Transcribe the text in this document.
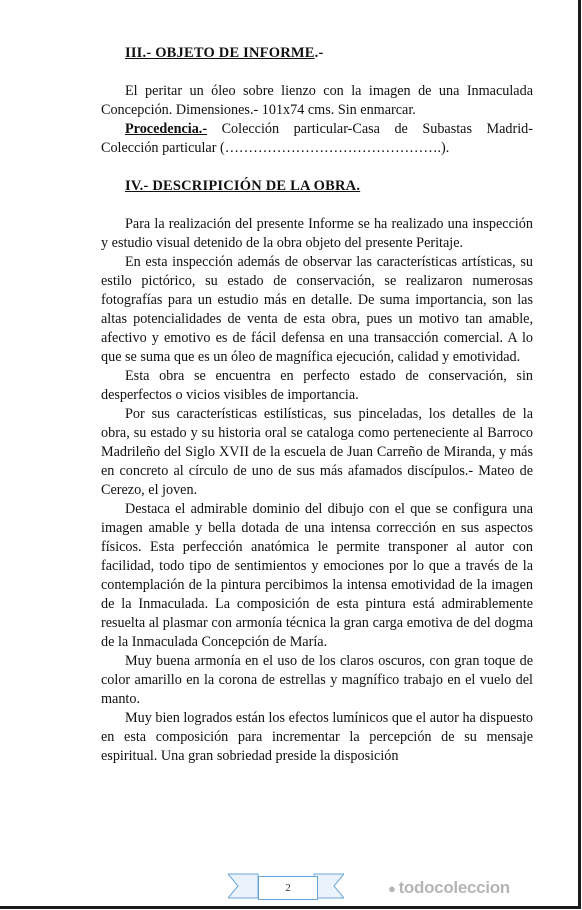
III.- OBJETO DE INFORME.-

El peritar un óleo sobre lienzo con la imagen de una Inmaculada Concepción. Dimensiones.- 101x74 cms. Sin enmarcar.

Procedencia.- Colección particular-Casa de Subastas Madrid-Colección particular (……………………………………….).

IV.- DESCRIPICIÓN DE LA OBRA.

Para la realización del presente Informe se ha realizado una inspección y estudio visual detenido de la obra objeto del presente Peritaje.

En esta inspección además de observar las características artísticas, su estilo pictórico, su estado de conservación, se realizaron numerosas fotografías para un estudio más en detalle. De suma importancia, son las altas potencialidades de venta de esta obra, pues un motivo tan amable, afectivo y emotivo es de fácil defensa en una transacción comercial. A lo que se suma que es un óleo de magnífica ejecución, calidad y emotividad.

Esta obra se encuentra en perfecto estado de conservación, sin desperfectos o vicios visibles de importancia.

Por sus características estilísticas, sus pinceladas, los detalles de la obra, su estado y su historia oral se cataloga como perteneciente al Barroco Madrileño del Siglo XVII de la escuela de Juan Carreño de Miranda, y más en concreto al círculo de uno de sus más afamados discípulos.- Mateo de Cerezo, el joven.

Destaca el admirable dominio del dibujo con el que se configura una imagen amable y bella dotada de una intensa corrección en sus aspectos físicos. Esta perfección anatómica le permite transponer al autor con facilidad, todo tipo de sentimientos y emociones por lo que a través de la contemplación de la pintura percibimos la intensa emotividad de la imagen de la Inmaculada. La composición de esta pintura está admirablemente resuelta al plasmar con armonía técnica la gran carga emotiva de del dogma de la Inmaculada Concepción de María.

Muy buena armonía en el uso de los claros oscuros, con gran toque de color amarillo en la corona de estrellas y magnífico trabajo en el vuelo del manto.

Muy bien logrados están los efectos lumínicos que el autor ha dispuesto en esta composición para incrementar la percepción de su mensaje espiritual. Una gran sobriedad preside la disposición

2	● todocoleccion
